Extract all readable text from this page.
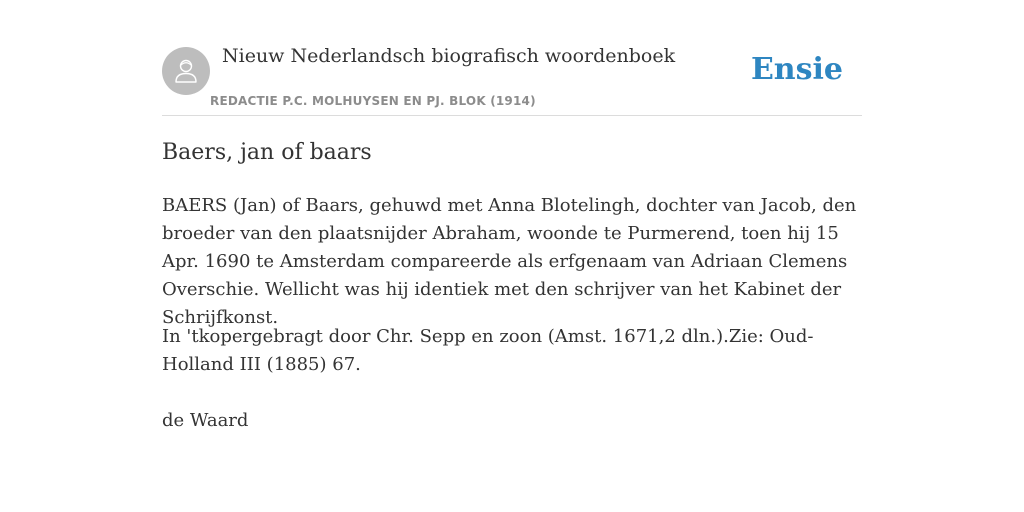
Nieuw Nederlandsch biografisch woordenboek
REDACTIE P.C. MOLHUYSEN EN PJ. BLOK (1914)
Ensie
Baers, jan of baars

BAERS (Jan) of Baars, gehuwd met Anna Blotelingh, dochter van Jacob, den broeder van den plaatsnijder Abraham, woonde te Purmerend, toen hij 15 Apr. 1690 te Amsterdam compareerde als erfgenaam van Adriaan Clemens Overschie. Wellicht was hij identiek met den schrijver van het Kabinet der Schrijfkonst.

In 'tkopergebragt door Chr. Sepp en zoon (Amst. 1671,2 dln.).Zie: Oud- Holland III (1885) 67.

de Waard
